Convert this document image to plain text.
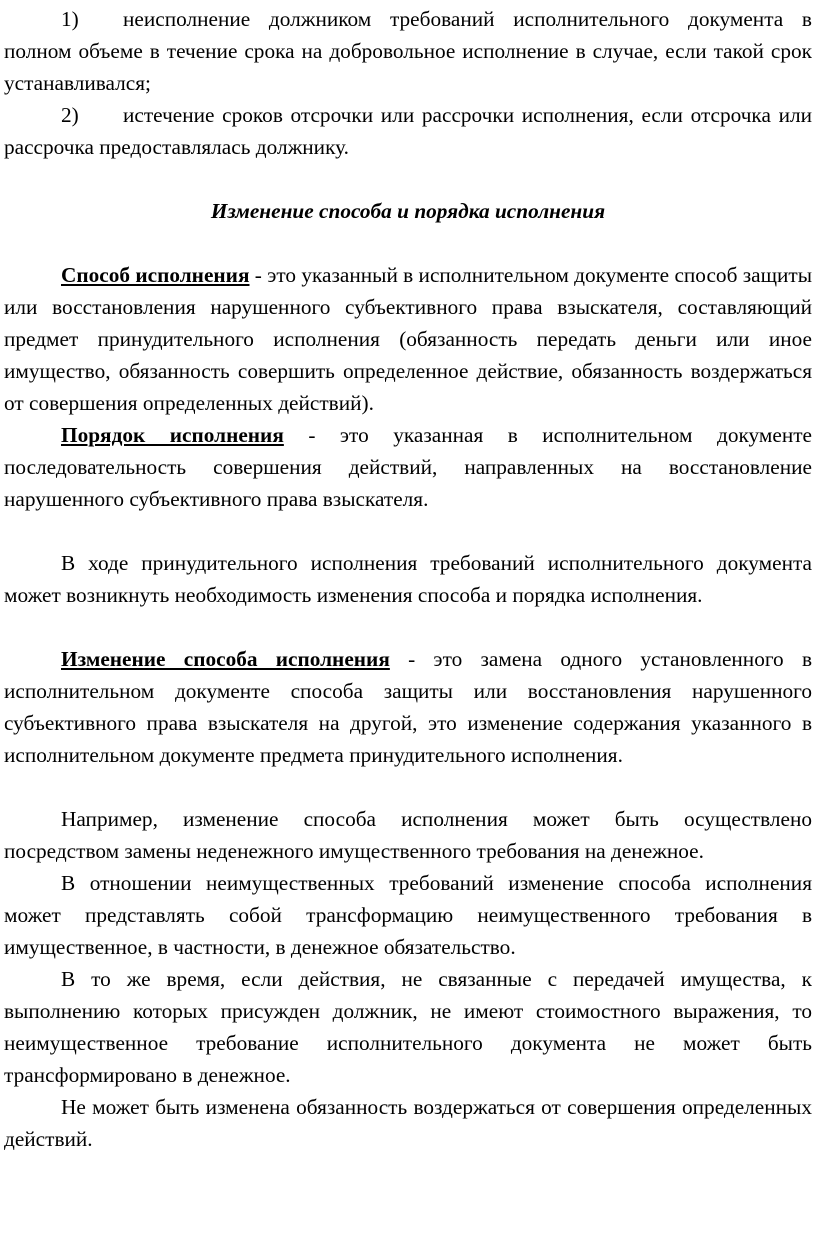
1) неисполнение должником требований исполнительного документа в полном объеме в течение срока на добровольное исполнение в случае, если такой срок устанавливался;

2) истечение сроков отсрочки или рассрочки исполнения, если отсрочка или рассрочка предоставлялась должнику.

Изменение способа и порядка исполнения

Способ исполнения - это указанный в исполнительном документе способ защиты или восстановления нарушенного субъективного права взыскателя, составляющий предмет принудительного исполнения (обязанность передать деньги или иное имущество, обязанность совершить определенное действие, обязанность воздержаться от совершения определенных действий).

Порядок исполнения - это указанная в исполнительном документе последовательность совершения действий, направленных на восстановление нарушенного субъективного права взыскателя.

В ходе принудительного исполнения требований исполнительного документа может возникнуть необходимость изменения способа и порядка исполнения.

Изменение способа исполнения - это замена одного установленного в исполнительном документе способа защиты или восстановления нарушенного субъективного права взыскателя на другой, это изменение содержания указанного в исполнительном документе предмета принудительного исполнения.

Например, изменение способа исполнения может быть осуществлено посредством замены неденежного имущественного требования на денежное.

В отношении неимущественных требований изменение способа исполнения может представлять собой трансформацию неимущественного требования в имущественное, в частности, в денежное обязательство.

В то же время, если действия, не связанные с передачей имущества, к выполнению которых присужден должник, не имеют стоимостного выражения, то неимущественное требование исполнительного документа не может быть трансформировано в денежное.

Не может быть изменена обязанность воздержаться от совершения определенных действий.
